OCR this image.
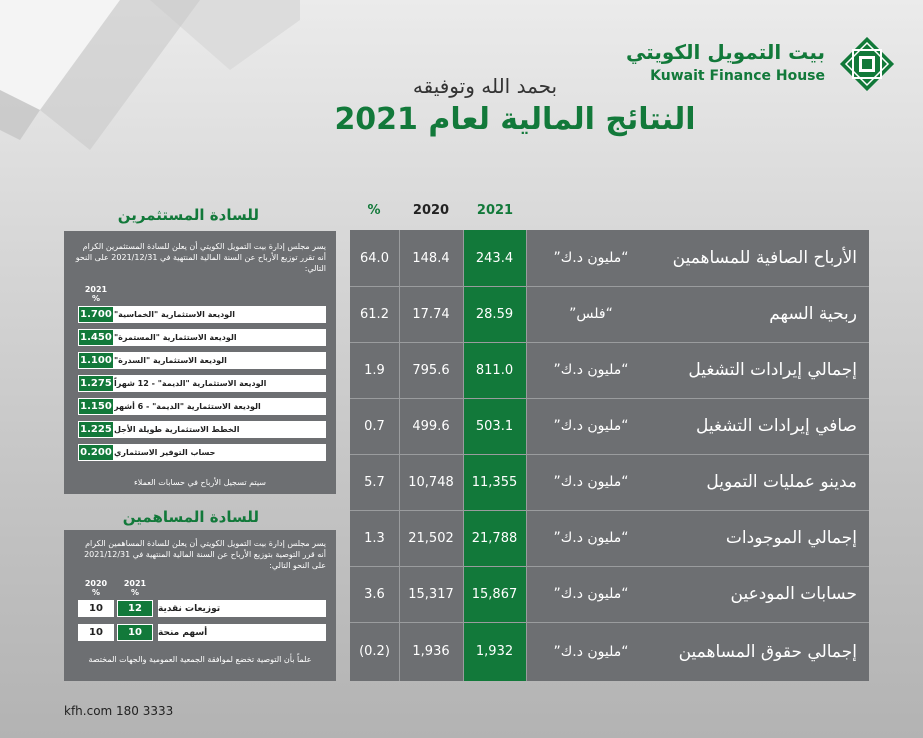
بيت التمويل الكويتي
Kuwait Finance House
بحمد الله وتوفيقه
النتائج المالية لعام 2021
2021
2020
%
64.0	148.4	243.4	“مليون د.ك”	الأرباح الصافية للمساهمين
61.2	17.74	28.59	“فلس”	ربحية السهم
1.9	795.6	811.0	“مليون د.ك”	إجمالي إيرادات التشغيل
0.7	499.6	503.1	“مليون د.ك”	صافي إيرادات التشغيل
5.7	10,748	11,355	“مليون د.ك”	مدينو عمليات التمويل
1.3	21,502	21,788	“مليون د.ك”	إجمالي الموجودات
3.6	15,317	15,867	“مليون د.ك”	حسابات المودعين
(0.2)	1,936	1,932	“مليون د.ك”	إجمالي حقوق المساهمين
للسادة المستثمرين
يسر مجلس إدارة بيت التمويل الكويتي أن يعلن للسادة المستثمرين الكرام أنه تقرر توزيع الأرباح عن السنة المالية المنتهية في 2021/12/31 على النحو التالي:
2021
%
1.700 الوديعة الاستثمارية "الخماسية"
1.450 الوديعة الاستثمارية "المستمرة"
1.100 الوديعة الاستثمارية "السدرة"
1.275 الوديعة الاستثمارية "الديمة" - 12 شهراً
1.150 الوديعة الاستثمارية "الديمة" - 6 أشهر
1.225 الخطط الاستثمارية طويلة الأجل
0.200 حساب التوفير الاستثماري
سيتم تسجيل الأرباح في حسابات العملاء
للسادة المساهمين
يسر مجلس إدارة بيت التمويل الكويتي أن يعلن للسادة المساهمين الكرام أنه قرر التوصية بتوزيع الأرباح عن السنة المالية المنتهية في 2021/12/31 على النحو التالي:
2020
%
2021
%
10	12	توزيعات نقدية
10	10	أسهم منحة
علماً بأن التوصية تخضع لموافقة الجمعية العمومية والجهات المختصة
kfh.com 180 3333
